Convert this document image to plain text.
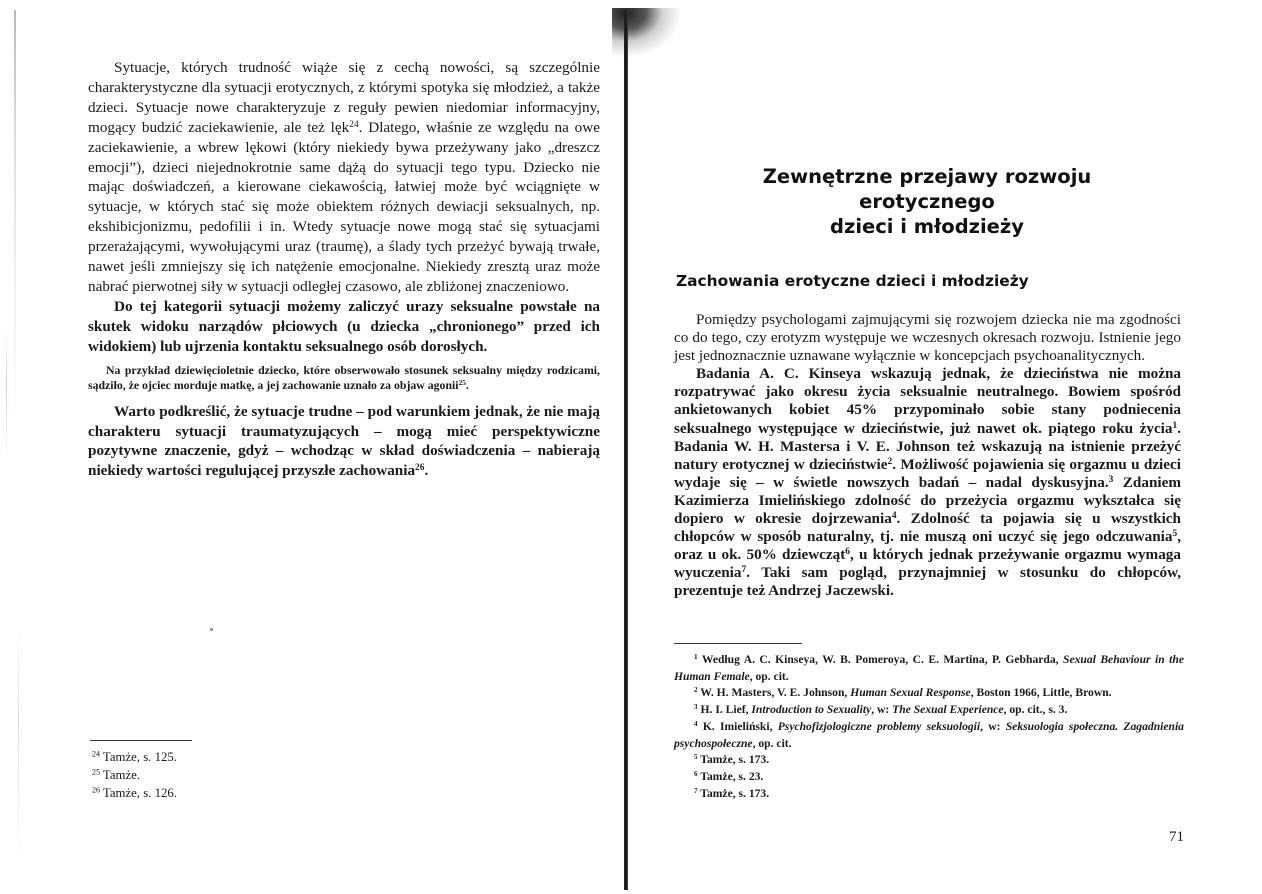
Sytuacje, których trudność wiąże się z cechą nowości, są szczególnie charakterystyczne dla sytuacji erotycznych, z którymi spotyka się młodzież, a także dzieci. Sytuacje nowe charakteryzuje z reguły pewien niedomiar informacyjny, mogący budzić zaciekawienie, ale też lęk$^{24}$. Dlatego, właśnie ze względu na owe zaciekawienie, a wbrew lękowi (który niekiedy bywa przeżywany jako „dreszcz emocji”), dzieci niejednokrotnie same dążą do sytuacji tego typu. Dziecko nie mając doświadczeń, a kierowane ciekawością, łatwiej może być wciągnięte w sytuacje, w których stać się może obiektem różnych dewiacji seksualnych, np. ekshibicjonizmu, pedofilii i in. Wtedy sytuacje nowe mogą stać się sytuacjami przerażającymi, wywołującymi uraz (traumę), a ślady tych przeżyć bywają trwałe, nawet jeśli zmniejszy się ich natężenie emocjonalne. Niekiedy zresztą uraz może nabrać pierwotnej siły w sytuacji odległej czasowo, ale zbliżonej znaczeniowo.

Do tej kategorii sytuacji możemy zaliczyć urazy seksualne powstałe na skutek widoku narządów płciowych (u dziecka „chronionego” przed ich widokiem) lub ujrzenia kontaktu seksualnego osób dorosłych.

Na przykład dziewięcioletnie dziecko, które obserwowało stosunek seksualny między rodzicami, sądziło, że ojciec morduje matkę, a jej zachowanie uznało za objaw agonii$^{25}$.

Warto podkreślić, że sytuacje trudne – pod warunkiem jednak, że nie mają charakteru sytuacji traumatyzujących – mogą mieć perspektywiczne pozytywne znaczenie, gdyż – wchodząc w skład doświadczenia – nabierają niekiedy wartości regulującej przyszłe zachowania$^{26}$.

$^{24}$ Tamże, s. 125.
$^{25}$ Tamże.
$^{26}$ Tamże, s. 126.
Zewnętrzne przejawy rozwoju erotycznego
dzieci i młodzieży
Zachowania erotyczne dzieci i młodzieży

Pomiędzy psychologami zajmującymi się rozwojem dziecka nie ma zgodności co do tego, czy erotyzm występuje we wczesnych okresach rozwoju. Istnienie jego jest jednoznacznie uznawane wyłącznie w koncepcjach psychoanalitycznych.

Badania A. C. Kinseya wskazują jednak, że dzieciństwa nie można rozpatrywać jako okresu życia seksualnie neutralnego. Bowiem spośród ankietowanych kobiet 45% przypominało sobie stany podniecenia seksualnego występujące w dzieciństwie, już nawet ok. piątego roku życia$^1$. Badania W. H. Mastersa i V. E. Johnson też wskazują na istnienie przeżyć natury erotycznej w dzieciństwie$^2$. Możliwość pojawienia się orgazmu u dzieci wydaje się – w świetle nowszych badań – nadal dyskusyjna.$^3$ Zdaniem Kazimierza Imielińskiego zdolność do przeżycia orgazmu wykształca się dopiero w okresie dojrzewania$^4$. Zdolność ta pojawia się u wszystkich chłopców w sposób naturalny, tj. nie muszą oni uczyć się jego odczuwania$^5$, oraz u ok. 50% dziewcząt$^6$, u których jednak przeżywanie orgazmu wymaga wyuczenia$^7$. Taki sam pogląd, przynajmniej w stosunku do chłopców, prezentuje też Andrzej Jaczewski.

$^1$ Według A. C. Kinseya, W. B. Pomeroya, C. E. Martina, P. Gebharda, Sexual Behaviour in the Human Female, op. cit.
$^2$ W. H. Masters, V. E. Johnson, Human Sexual Response, Boston 1966, Little, Brown.
$^3$ H. I. Lief, Introduction to Sexuality, w: The Sexual Experience, op. cit., s. 3.
$^4$ K. Imieliński, Psychofizjologiczne problemy seksuologii, w: Seksuologia społeczna. Zagadnienia psychospołeczne, op. cit.
$^5$ Tamże, s. 173.
$^6$ Tamże, s. 23.
$^7$ Tamże, s. 173.
71
